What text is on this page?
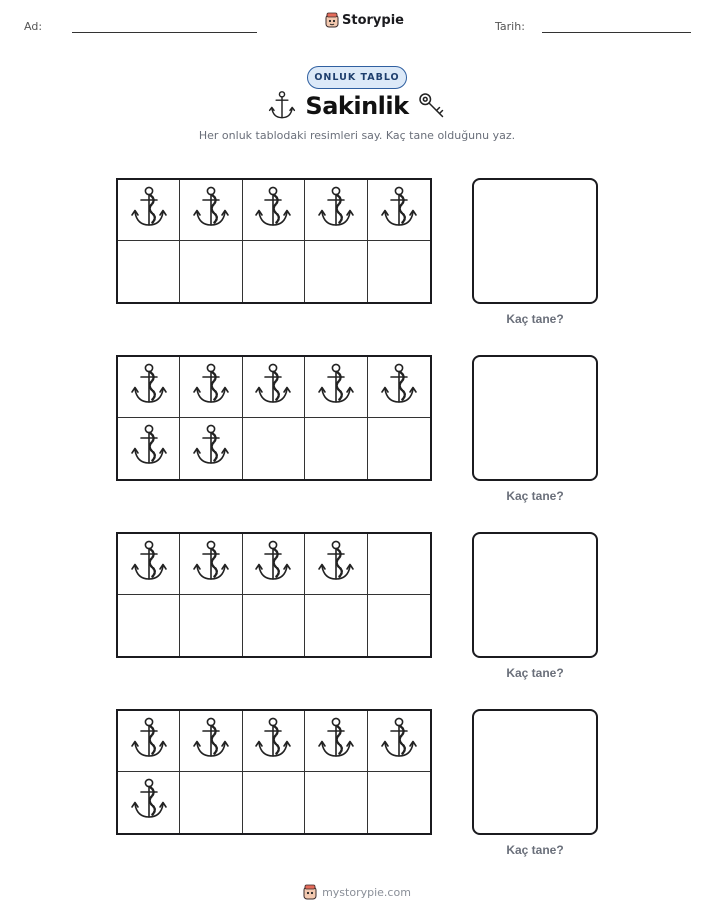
Ad:	Storypie	Tarih:
ONLUK TABLO
Sakinlik
Her onluk tablodaki resimleri say. Kaç tane olduğunu yaz.
Kaç tane?
Kaç tane?
Kaç tane?
Kaç tane?
mystorypie.com
